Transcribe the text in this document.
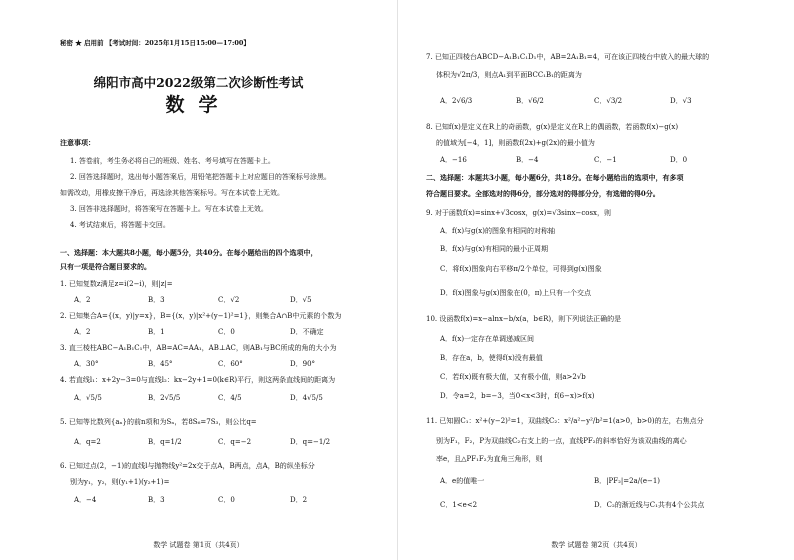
秘密 ★ 启用前 【考试时间：2025年1月15日15:00—17:00】
绵阳市高中2022级第二次诊断性考试
数学
注意事项：
1. 答卷前，考生务必将自己的班级、姓名、考号填写在答题卡上。
2. 回答选择题时，选出每小题答案后，用铅笔把答题卡上对应题目的答案标号涂黑。
如需改动，用橡皮擦干净后，再选涂其他答案标号。写在本试卷上无效。
3. 回答非选择题时，将答案写在答题卡上。写在本试卷上无效。
4. 考试结束后，将答题卡交回。
一、选择题：本大题共8小题，每小题5分，共40分。在每小题给出的四个选项中，
只有一项是符合题目要求的。
1. 已知复数z满足z=i(2−i)，则|z|=
A．2	B．3	C．√2	D．√5
2. 已知集合A={(x，y)|y=x}，B={(x，y)|x²+(y−1)²=1}，则集合A∩B中元素的个数为
A．2	B．1	C．0	D．不确定
3. 直三棱柱ABC−A₁B₁C₁中，AB=AC=AA₁，AB⊥AC，则AB₁与BC所成的角的大小为
A．30°	B．45°	C．60°	D．90°
4. 若直线l₁：x+2y−3=0与直线l₂：kx−2y+1=0(k∈R)平行，则这两条直线间的距离为
A．√5/5	B．2√5/5	C．4/5	D．4√5/5
5. 已知等比数列{aₙ}的前n项和为Sₙ，若8S₆=7S₃，则公比q=
A．q=2	B．q=1/2	C．q=−2	D．q=−1/2
6. 已知过点(2，−1)的直线l与抛物线y²=2x交于点A，B两点，点A，B的纵坐标分
别为y₁，y₂，则(y₁+1)(y₂+1)=
A．−4	B．3	C．0	D．2
数学 试题卷 第1页（共4页）
7. 已知正四棱台ABCD−A₁B₁C₁D₁中，AB=2A₁B₁=4，可在该正四棱台中放入的最大球的
体积为√2π/3，则点A₁到平面BCC₁B₁的距离为
A．2√6/3	B．√6/2	C．√3/2	D．√3
8. 已知f(x)是定义在R上的奇函数，g(x)是定义在R上的偶函数，若函数f(x)−g(x)
的值域为[−4，1]，则函数f(2x)+g(2x)的最小值为
A．−16	B．−4	C．−1	D．0
二、选择题：本题共3小题，每小题6分，共18分。在每小题给出的选项中，有多项
符合题目要求。全部选对的得6分，部分选对的得部分分，有选错的得0分。
9. 对于函数f(x)=sinx+√3cosx，g(x)=√3sinx−cosx，则
A．f(x)与g(x)的图象有相同的对称轴
B．f(x)与g(x)有相同的最小正周期
C．将f(x)图象向右平移π/2个单位，可得到g(x)图象
D．f(x)图象与g(x)图象在(0，π)上只有一个交点
10. 设函数f(x)=x−alnx−b/x(a，b∈R)，则下列说法正确的是
A．f(x)一定存在单调递减区间
B．存在a，b，使得f(x)没有最值
C．若f(x)既有极大值，又有极小值，则a>2√b
D．令a=2，b=−3，当0<x<3时，f(6−x)>f(x)
11. 已知圆C₁：x²+(y−2)²=1，双曲线C₂：x²/a²−y²/b²=1(a>0，b>0)的左，右焦点分
别为F₁，F₂，P为双曲线C₂右支上的一点，直线PF₂的斜率恰好为该双曲线的离心
率e，且△PF₁F₂为直角三角形，则
A．e的值唯一	B．|PF₂|=2a/(e−1)
C．1<e<2	D．C₂的渐近线与C₁共有4个公共点
数学 试题卷 第2页（共4页）
